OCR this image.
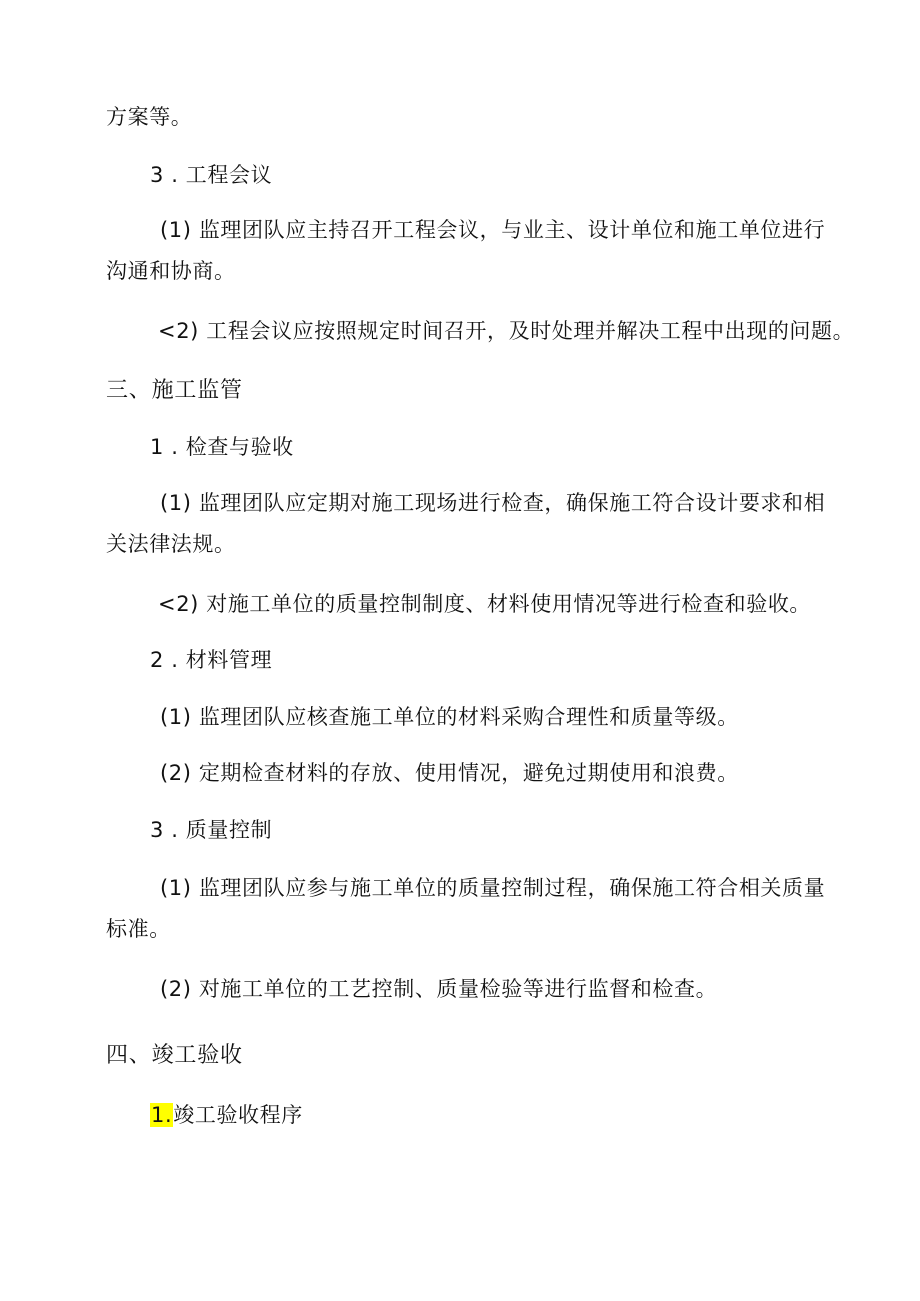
方案等。
3 . 工程会议
(1) 监理团队应主持召开工程会议，与业主、设计单位和施工单位进行
沟通和协商。
<2) 工程会议应按照规定时间召开，及时处理并解决工程中出现的问题。
三、施工监管
1 . 检查与验收
(1) 监理团队应定期对施工现场进行检查，确保施工符合设计要求和相
关法律法规。
<2) 对施工单位的质量控制制度、材料使用情况等进行检查和验收。
2 . 材料管理
(1) 监理团队应核查施工单位的材料采购合理性和质量等级。
(2) 定期检查材料的存放、使用情况，避免过期使用和浪费。
3 . 质量控制
(1) 监理团队应参与施工单位的质量控制过程，确保施工符合相关质量
标准。
(2) 对施工单位的工艺控制、质量检验等进行监督和检查。
四、竣工验收
1.竣工验收程序
